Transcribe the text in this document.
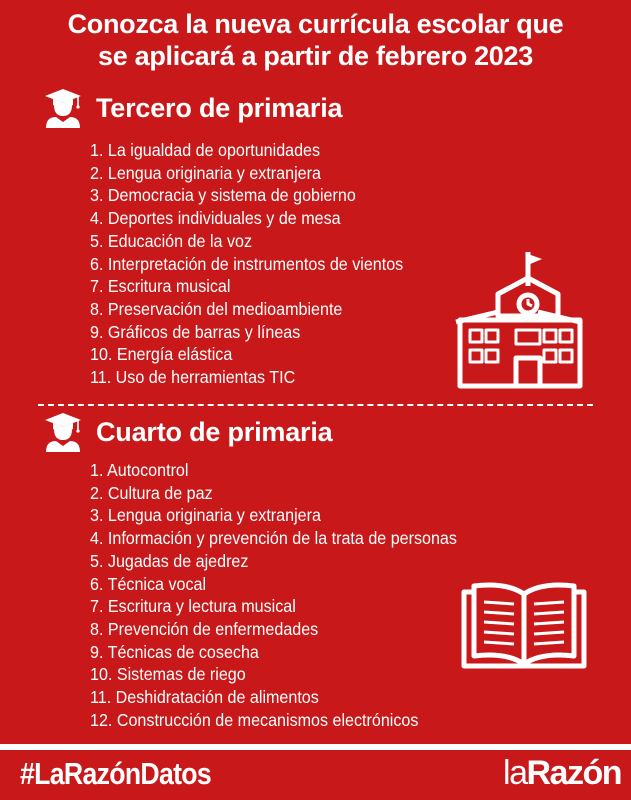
Conozca la nueva currícula escolar que
se aplicará a partir de febrero 2023
Tercero de primaria
1. La igualdad de oportunidades
2. Lengua originaria y extranjera
3. Democracia y sistema de gobierno
4. Deportes individuales y de mesa
5. Educación de la voz
6. Interpretación de instrumentos de vientos
7. Escritura musical
8. Preservación del medioambiente
9. Gráficos de barras y líneas
10. Energía elástica
11. Uso de herramientas TIC
Cuarto de primaria
1. Autocontrol
2. Cultura de paz
3. Lengua originaria y extranjera
4. Información y prevención de la trata de personas
5. Jugadas de ajedrez
6. Técnica vocal
7. Escritura y lectura musical
8. Prevención de enfermedades
9. Técnicas de cosecha
10. Sistemas de riego
11. Deshidratación de alimentos
12. Construcción de mecanismos electrónicos
#LaRazónDatos	laRazón
